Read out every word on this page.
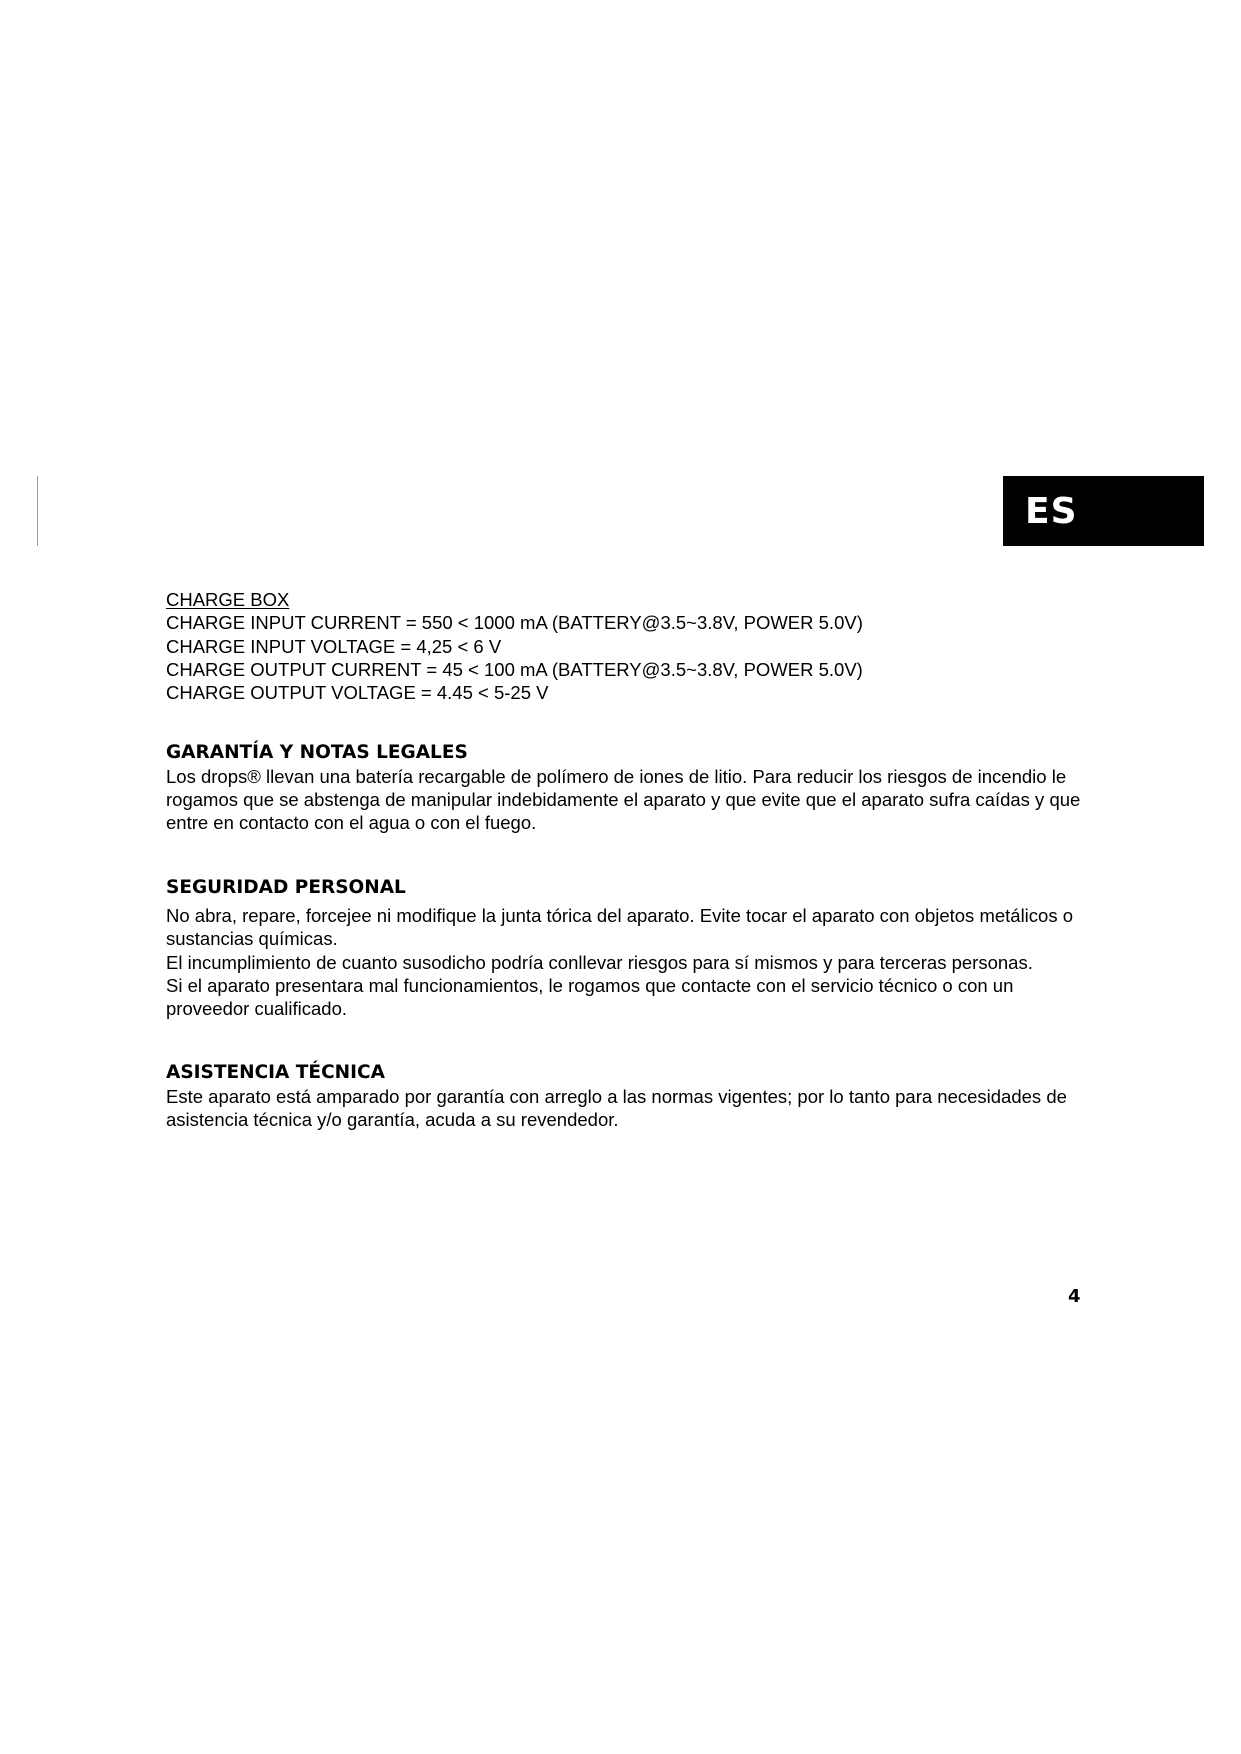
ES
CHARGE BOX
CHARGE INPUT CURRENT = 550 < 1000 mA (BATTERY@3.5~3.8V, POWER 5.0V)
CHARGE INPUT VOLTAGE = 4,25 < 6 V
CHARGE OUTPUT CURRENT = 45 < 100 mA (BATTERY@3.5~3.8V, POWER 5.0V)
CHARGE OUTPUT VOLTAGE = 4.45 < 5-25 V
GARANTÍA Y NOTAS LEGALES

Los drops® llevan una batería recargable de polímero de iones de litio. Para reducir los riesgos de incendio le
rogamos que se abstenga de manipular indebidamente el aparato y que evite que el aparato sufra caídas y que
entre en contacto con el agua o con el fuego.

SEGURIDAD PERSONAL

No abra, repare, forcejee ni modifique la junta tórica del aparato. Evite tocar el aparato con objetos metálicos o
sustancias químicas.
El incumplimiento de cuanto susodicho podría conllevar riesgos para sí mismos y para terceras personas.
Si el aparato presentara mal funcionamientos, le rogamos que contacte con el servicio técnico o con un
proveedor cualificado.

ASISTENCIA TÉCNICA

Este aparato está amparado por garantía con arreglo a las normas vigentes; por lo tanto para necesidades de
asistencia técnica y/o garantía, acuda a su revendedor.

4
